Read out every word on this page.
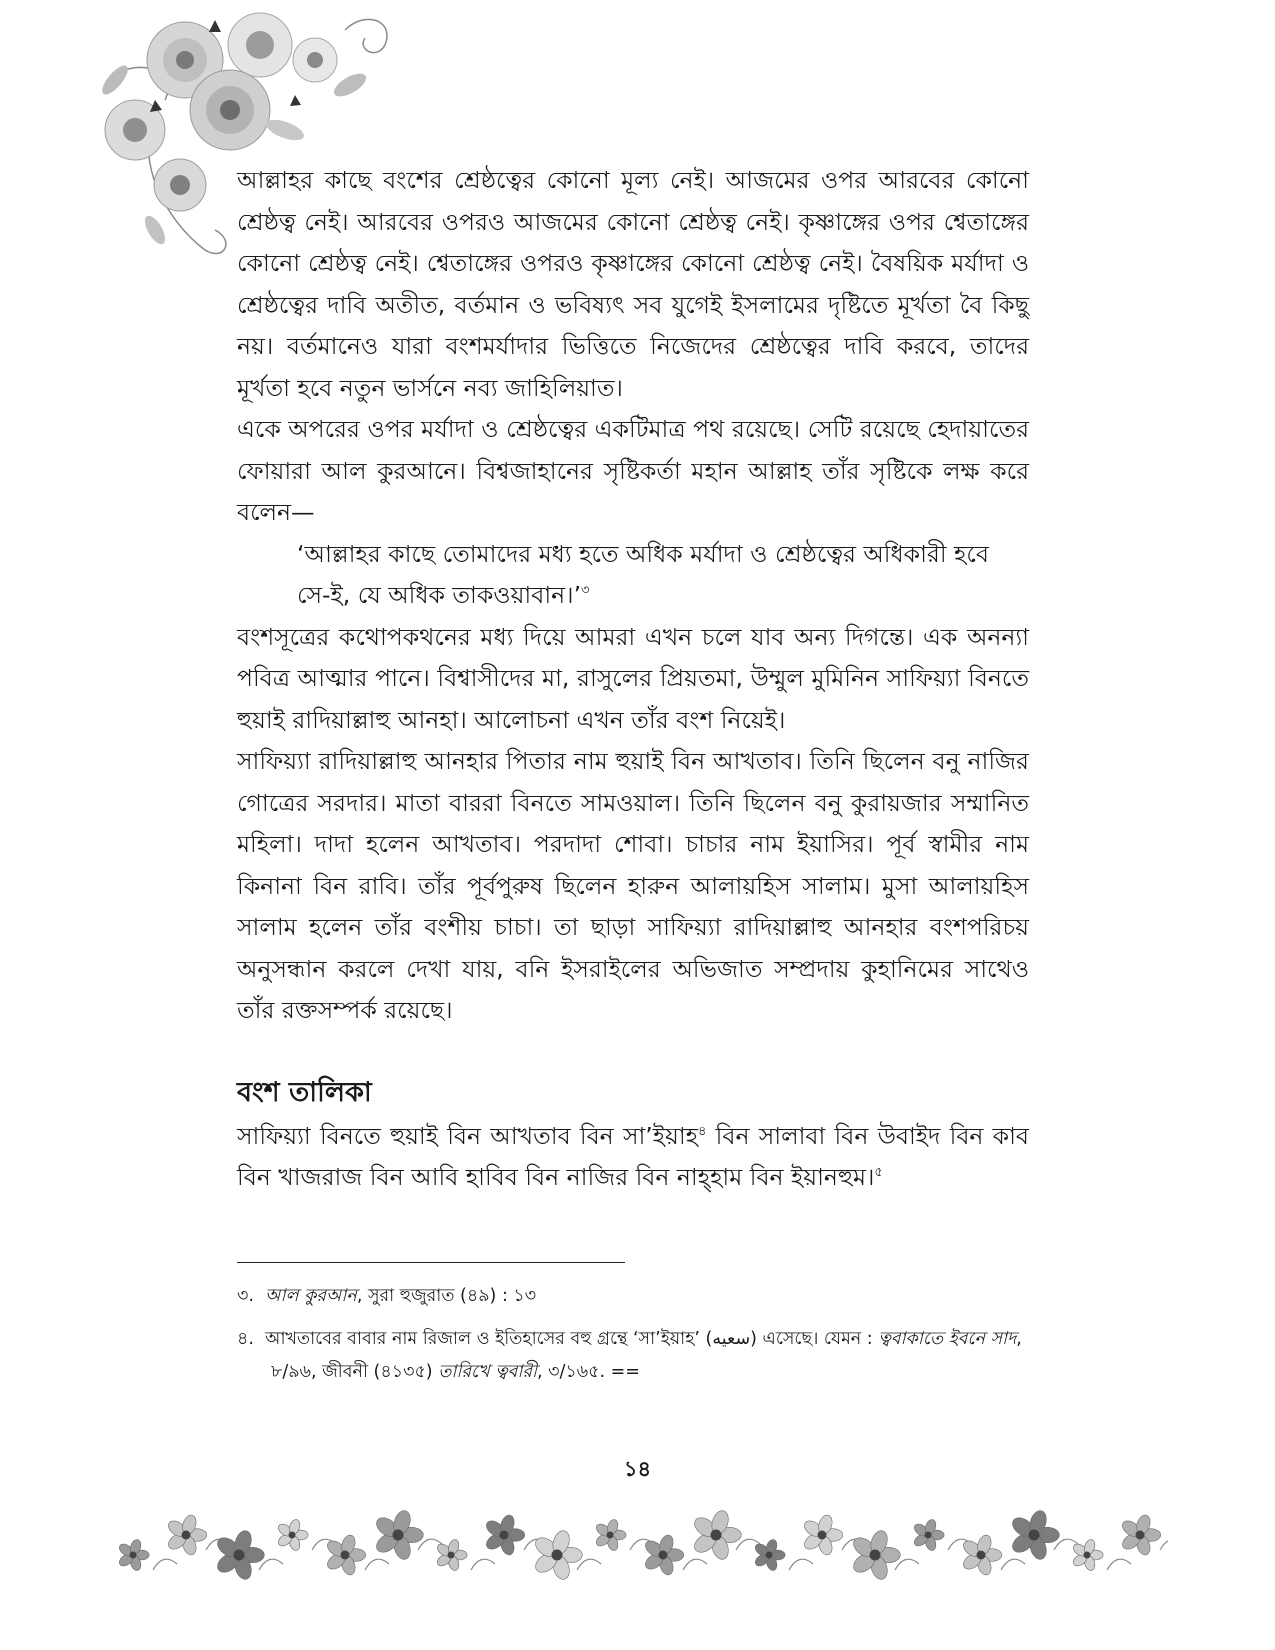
আল্লাহর কাছে বংশের শ্রেষ্ঠত্বের কোনো মূল্য নেই। আজমের ওপর আরবের কোনো শ্রেষ্ঠত্ব নেই। আরবের ওপরও আজমের কোনো শ্রেষ্ঠত্ব নেই। কৃষ্ণাঙ্গের ওপর শ্বেতাঙ্গের কোনো শ্রেষ্ঠত্ব নেই। শ্বেতাঙ্গের ওপরও কৃষ্ণাঙ্গের কোনো শ্রেষ্ঠত্ব নেই। বৈষয়িক মর্যাদা ও শ্রেষ্ঠত্বের দাবি অতীত, বর্তমান ও ভবিষ্যৎ সব যুগেই ইসলামের দৃষ্টিতে মূর্খতা বৈ কিছু নয়। বর্তমানেও যারা বংশমর্যাদার ভিত্তিতে নিজেদের শ্রেষ্ঠত্বের দাবি করবে, তাদের মূর্খতা হবে নতুন ভার্সনে নব্য জাহিলিয়াত।

একে অপরের ওপর মর্যাদা ও শ্রেষ্ঠত্বের একটিমাত্র পথ রয়েছে। সেটি রয়েছে হেদায়াতের ফোয়ারা আল কুরআনে। বিশ্বজাহানের সৃষ্টিকর্তা মহান আল্লাহ তাঁর সৃষ্টিকে লক্ষ করে বলেন—

‘আল্লাহর কাছে তোমাদের মধ্য হতে অধিক মর্যাদা ও শ্রেষ্ঠত্বের অধিকারী হবে সে-ই, যে অধিক তাকওয়াবান।’$^৩$

বংশসূত্রের কথোপকথনের মধ্য দিয়ে আমরা এখন চলে যাব অন্য দিগন্তে। এক অনন্যা পবিত্র আত্মার পানে। বিশ্বাসীদের মা, রাসুলের প্রিয়তমা, উম্মুল মুমিনিন সাফিয়্যা বিনতে হুয়াই রাদিয়াল্লাহু আনহা। আলোচনা এখন তাঁর বংশ নিয়েই।

সাফিয়্যা রাদিয়াল্লাহু আনহার পিতার নাম হুয়াই বিন আখতাব। তিনি ছিলেন বনু নাজির গোত্রের সরদার। মাতা বাররা বিনতে সামওয়াল। তিনি ছিলেন বনু কুরায়জার সম্মানিত মহিলা। দাদা হলেন আখতাব। পরদাদা শোবা। চাচার নাম ইয়াসির। পূর্ব স্বামীর নাম কিনানা বিন রাবি। তাঁর পূর্বপুরুষ ছিলেন হারুন আলায়হিস সালাম। মুসা আলায়হিস সালাম হলেন তাঁর বংশীয় চাচা। তা ছাড়া সাফিয়্যা রাদিয়াল্লাহু আনহার বংশপরিচয় অনুসন্ধান করলে দেখা যায়, বনি ইসরাইলের অভিজাত সম্প্রদায় কুহানিমের সাথেও তাঁর রক্তসম্পর্ক রয়েছে।

বংশ তালিকা

সাফিয়্যা বিনতে হুয়াই বিন আখতাব বিন সা’ইয়াহ$^৪$ বিন সালাবা বিন উবাইদ বিন কাব বিন খাজরাজ বিন আবি হাবিব বিন নাজির বিন নাহ্হাম বিন ইয়ানহুম।$^৫$

৩. আল কুরআন, সুরা হুজুরাত (৪৯) : ১৩

৪. আখতাবের বাবার নাম রিজাল ও ইতিহাসের বহু গ্রন্থে ‘সা’ইয়াহ’ (سعيه) এসেছে। যেমন : ত্ববাকাতে ইবনে সাদ, ৮/৯৬, জীবনী (৪১৩৫) তারিখে ত্ববারী, ৩/১৬৫. ==

১৪
